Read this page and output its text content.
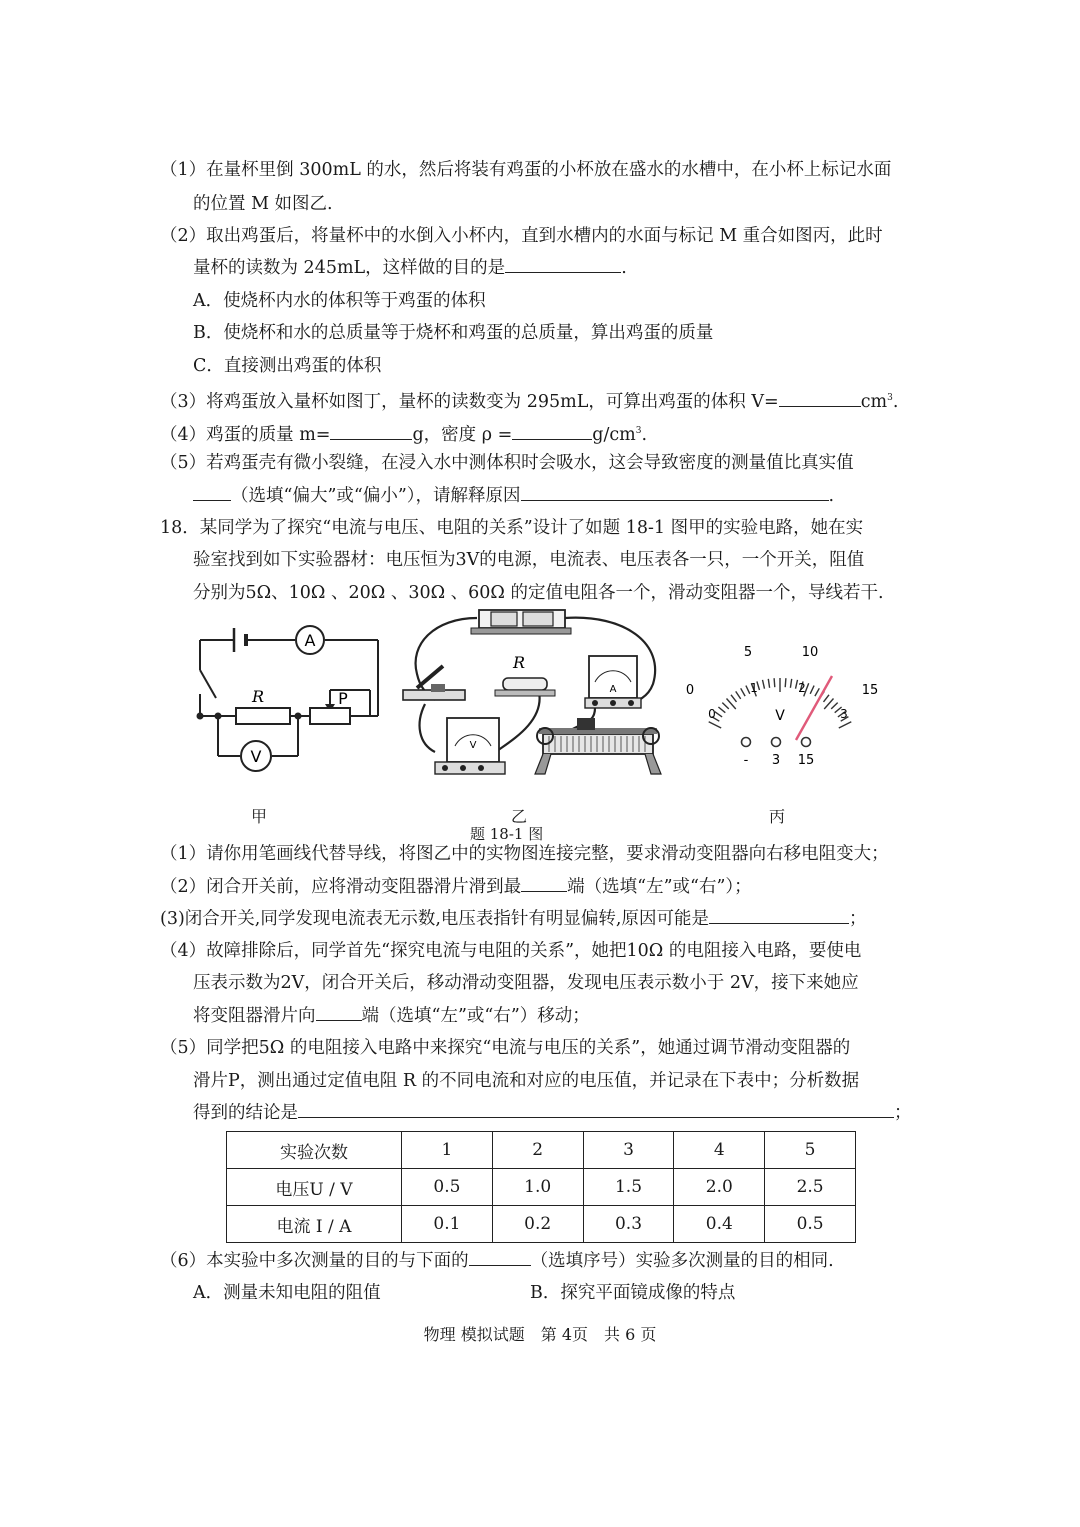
（1）在量杯里倒 300mL 的水，然后将装有鸡蛋的小杯放在盛水的水槽中，在小杯上标记水面
的位置 M 如图乙.
（2）取出鸡蛋后，将量杯中的水倒入小杯内，直到水槽内的水面与标记 M 重合如图丙，此时
量杯的读数为 245mL，这样做的目的是	.
A．使烧杯内水的体积等于鸡蛋的体积
B．使烧杯和水的总质量等于烧杯和鸡蛋的总质量，算出鸡蛋的质量
C．直接测出鸡蛋的体积
（3）将鸡蛋放入量杯如图丁，量杯的读数变为 295mL，可算出鸡蛋的体积 V=	$cm^3$.
（4）鸡蛋的质量 m=	g，密度 ρ =	$g/cm^3$.
（5）若鸡蛋壳有微小裂缝，在浸入水中测体积时会吸水，这会导致密度的测量值比真实值
（选填“偏大”或“偏小”），请解释原因	.
18．某同学为了探究“电流与电压、电阻的关系”设计了如题 18-1 图甲的实验电路，她在实
验室找到如下实验器材：电压恒为3V的电源，电流表、电压表各一只，一个开关，阻值
分别为5Ω、10Ω 、20Ω 、30Ω 、60Ω 的定值电阻各一个，滑动变阻器一个，导线若干.
A
V
R	P
R
A
V
0
5	10
15
0
1	2
3
V
- 3 15
甲	乙	丙
题 18-1 图
（1）请你用笔画线代替导线，将图乙中的实物图连接完整，要求滑动变阻器向右移电阻变大；
（2）闭合开关前，应将滑动变阻器滑片滑到最	端（选填“左”或“右”）；
(3)闭合开关,同学发现电流表无示数,电压表指针有明显偏转,原因可能是	；
（4）故障排除后，同学首先“探究电流与电阻的关系”，她把10Ω 的电阻接入电路，要使电
压表示数为2V，闭合开关后，移动滑动变阻器，发现电压表示数小于 2V，接下来她应
将变阻器滑片向	端（选填“左”或“右”）移动；
（5）同学把5Ω 的电阻接入电路中来探究“电流与电压的关系”，她通过调节滑动变阻器的
滑片P，测出通过定值电阻 R 的不同电流和对应的电压值，并记录在下表中；分析数据
得到的结论是	；
实验次数	1	2	3	4	5
电压U / V	0.5	1.0	1.5	2.0	2.5
电流 I / A	0.1	0.2	0.3	0.4	0.5
（6）本实验中多次测量的目的与下面的	（选填序号）实验多次测量的目的相同.
A．测量未知电阻的阻值	B．探究平面镜成像的特点
物理 模拟试题　第 4页　共 6 页
